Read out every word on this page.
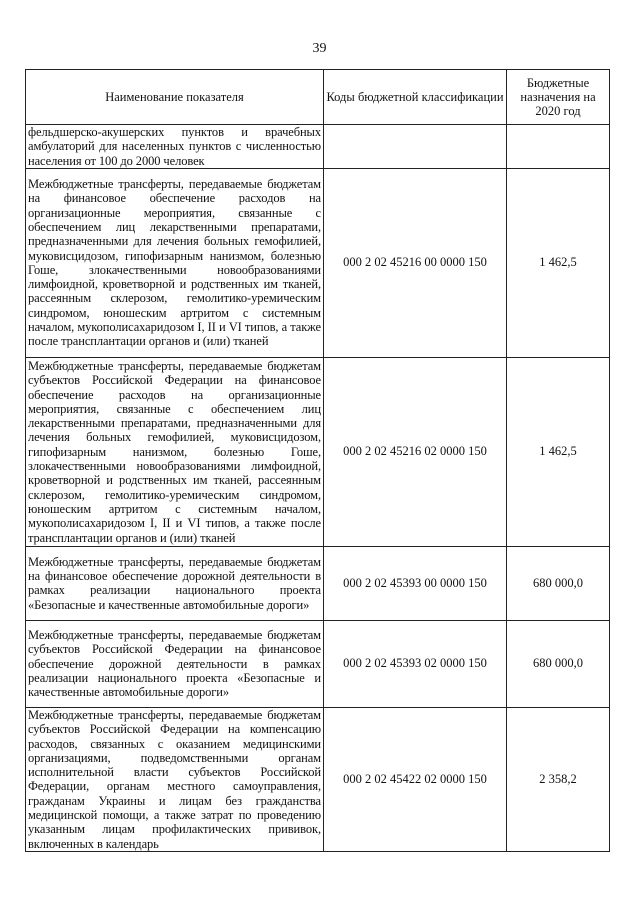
39
Наименование показателя	Коды бюджетной классификации	Бюджетные назначения на 2020 год
фельдшерско-акушерских пунктов и врачебных амбулаторий для населенных пунктов с численностью населения от 100 до 2000 человек		
Межбюджетные трансферты, передаваемые бюджетам на финансовое обеспечение расходов на организационные мероприятия, связанные с обеспечением лиц лекарственными препаратами, предназначенными для лечения больных гемофилией, муковисцидозом, гипофизарным нанизмом, болезнью Гоше, злокачественными новообразованиями лимфоидной, кроветворной и родственных им тканей, рассеянным склерозом, гемолитико-уремическим синдромом, юношеским артритом с системным началом, мукополисахаридозом I, II и VI типов, а также после трансплантации органов и (или) тканей	000 2 02 45216 00 0000 150	1 462,5
Межбюджетные трансферты, передаваемые бюджетам субъектов Российской Федерации на финансовое обеспечение расходов на организационные мероприятия, связанные с обеспечением лиц лекарственными препаратами, предназначенными для лечения больных гемофилией, муковисцидозом, гипофизарным нанизмом, болезнью Гоше, злокачественными новообразованиями лимфоидной, кроветворной и родственных им тканей, рассеянным склерозом, гемолитико-уремическим синдромом, юношеским артритом с системным началом, мукополисахаридозом I, II и VI типов, а также после трансплантации органов и (или) тканей	000 2 02 45216 02 0000 150	1 462,5
Межбюджетные трансферты, передаваемые бюджетам на финансовое обеспечение дорожной деятельности в рамках реализации национального проекта «Безопасные и качественные автомобильные дороги»	000 2 02 45393 00 0000 150	680 000,0
Межбюджетные трансферты, передаваемые бюджетам субъектов Российской Федерации на финансовое обеспечение дорожной деятельности в рамках реализации национального проекта «Безопасные и качественные автомобильные дороги»	000 2 02 45393 02 0000 150	680 000,0
Межбюджетные трансферты, передаваемые бюджетам субъектов Российской Федерации на компенсацию расходов, связанных с оказанием медицинскими организациями, подведомственными органам исполнительной власти субъектов Российской Федерации, органам местного самоуправления, гражданам Украины и лицам без гражданства медицинской помощи, а также затрат по проведению указанным лицам профилактических прививок, включенных в календарь	000 2 02 45422 02 0000 150	2 358,2
